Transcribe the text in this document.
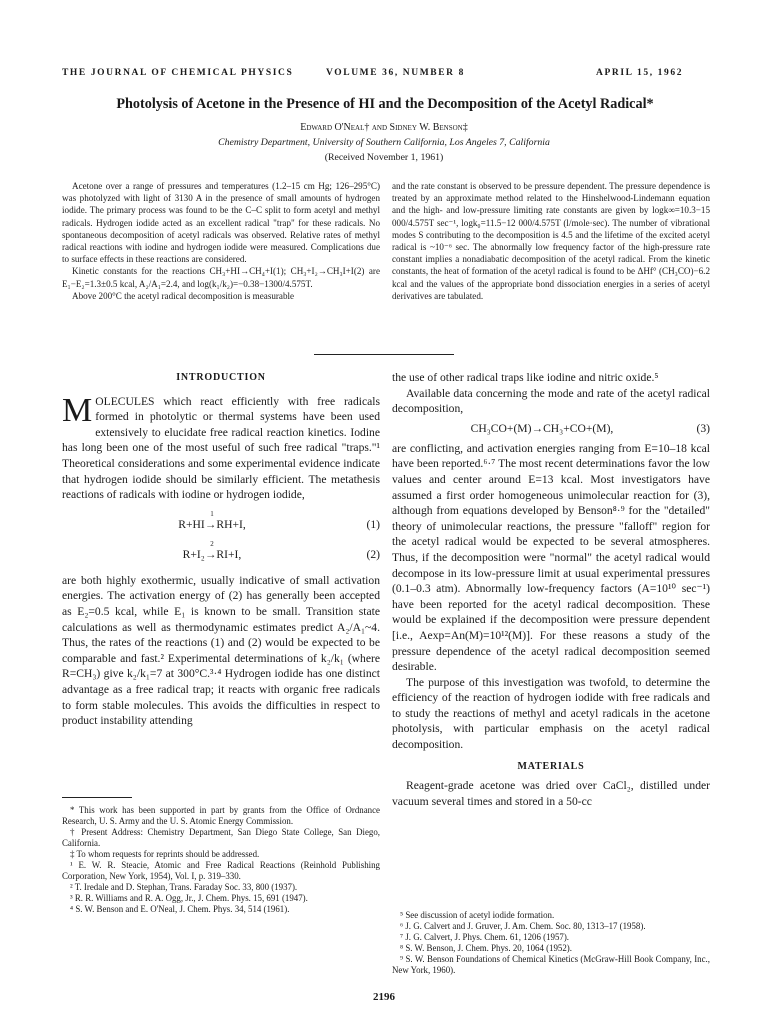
THE JOURNAL OF CHEMICAL PHYSICS	VOLUME 36, NUMBER 8	APRIL 15, 1962
Photolysis of Acetone in the Presence of HI and the Decomposition of the Acetyl Radical*
Edward O'Neal† and Sidney W. Benson‡
Chemistry Department, University of Southern California, Los Angeles 7, California
(Received November 1, 1961)

Acetone over a range of pressures and temperatures (1.2–15 cm Hg; 126–295°C) was photolyzed with light of 3130 A in the presence of small amounts of hydrogen iodide. The primary process was found to be the C–C split to form acetyl and methyl radicals. Hydrogen iodide acted as an excellent radical "trap" for these radicals. No spontaneous decomposition of acetyl radicals was observed. Relative rates of methyl radical reactions with iodine and hydrogen iodide were measured. Complications due to surface effects in these reactions are considered.

Kinetic constants for the reactions CH₃+HI→CH₄+I(1); CH₃+I₂→CH₃I+I(2) are E₁−E₂=1.3±0.5 kcal, A₂/A₁=2.4, and log(k₁/k₂)=−0.38−1300/4.575T.

Above 200°C the acetyl radical decomposition is measurable

and the rate constant is observed to be pressure dependent. The pressure dependence is treated by an approximate method related to the Hinshelwood-Lindemann equation and the high- and low-pressure limiting rate constants are given by logk∞=10.3−15 000/4.575T sec⁻¹, logk₀=11.5−12 000/4.575T (l/mole·sec). The number of vibrational modes S contributing to the decomposition is 4.5 and the lifetime of the excited acetyl radical is ~10⁻⁶ sec. The abnormally low frequency factor of the high-pressure rate constant implies a nonadiabatic decomposition of the acetyl radical. From the kinetic constants, the heat of formation of the acetyl radical is found to be ΔHf° (CH₃CO)−6.2 kcal and the values of the appropriate bond dissociation energies in a series of acetyl derivatives are tabulated.

INTRODUCTION

MOLECULES which react efficiently with free radicals formed in photolytic or thermal systems have been used extensively to elucidate free radical reaction kinetics. Iodine has long been one of the most useful of such free radical "traps."¹ Theoretical considerations and some experimental evidence indicate that hydrogen iodide should be similarly efficient. The metathesis reactions of radicals with iodine or hydrogen iodide,

1
R+HI→RH+I,	(1)
2
R+I₂→RI+I,	(2)

are both highly exothermic, usually indicative of small activation energies. The activation energy of (2) has generally been accepted as E₂=0.5 kcal, while E₁ is known to be small. Transition state calculations as well as thermodynamic estimates predict A₂/A₁~4. Thus, the rates of the reactions (1) and (2) would be expected to be comparable and fast.² Experimental determinations of k₂/k₁ (where R=CH₃) give k₂/k₁=7 at 300°C.³·⁴ Hydrogen iodide has one distinct advantage as a free radical trap; it reacts with organic free radicals to form stable molecules. This avoids the difficulties in respect to product instability attending

the use of other radical traps like iodine and nitric oxide.⁵

Available data concerning the mode and rate of the acetyl radical decomposition,

CH₃CO+(M)→CH₃+CO+(M),	(3)

are conflicting, and activation energies ranging from E=10–18 kcal have been reported.⁶·⁷ The most recent determinations favor the low values and center around E=13 kcal. Most investigators have assumed a first order homogeneous unimolecular reaction for (3), although from equations developed by Benson⁸·⁹ for the "detailed" theory of unimolecular reactions, the pressure "falloff" region for the acetyl radical would be expected to be several atmospheres. Thus, if the decomposition were "normal" the acetyl radical would decompose in its low-pressure limit at usual experimental pressures (0.1–0.3 atm). Abnormally low-frequency factors (A=10¹⁰ sec⁻¹) have been reported for the acetyl radical decomposition. These would be explained if the decomposition were pressure dependent [i.e., Aexp=An(M)=10¹²(M)]. For these reasons a study of the pressure dependence of the acetyl radical decomposition seemed desirable.

The purpose of this investigation was twofold, to determine the efficiency of the reaction of hydrogen iodide with free radicals and to study the reactions of methyl and acetyl radicals in the acetone photolysis, with particular emphasis on the acetyl radical decomposition.

MATERIALS

Reagent-grade acetone was dried over CaCl₂, distilled under vacuum several times and stored in a 50-cc

* This work has been supported in part by grants from the Office of Ordnance Research, U. S. Army and the U. S. Atomic Energy Commission.

† Present Address: Chemistry Department, San Diego State College, San Diego, California.

‡ To whom requests for reprints should be addressed.

¹ E. W. R. Steacie, Atomic and Free Radical Reactions (Reinhold Publishing Corporation, New York, 1954), Vol. I, p. 319–330.

² T. Iredale and D. Stephan, Trans. Faraday Soc. 33, 800 (1937).

³ R. R. Williams and R. A. Ogg, Jr., J. Chem. Phys. 15, 691 (1947).

⁴ S. W. Benson and E. O'Neal, J. Chem. Phys. 34, 514 (1961).

⁵ See discussion of acetyl iodide formation.

⁶ J. G. Calvert and J. Gruver, J. Am. Chem. Soc. 80, 1313–17 (1958).

⁷ J. G. Calvert, J. Phys. Chem. 61, 1206 (1957).

⁸ S. W. Benson, J. Chem. Phys. 20, 1064 (1952).

⁹ S. W. Benson Foundations of Chemical Kinetics (McGraw-Hill Book Company, Inc., New York, 1960).

2196
